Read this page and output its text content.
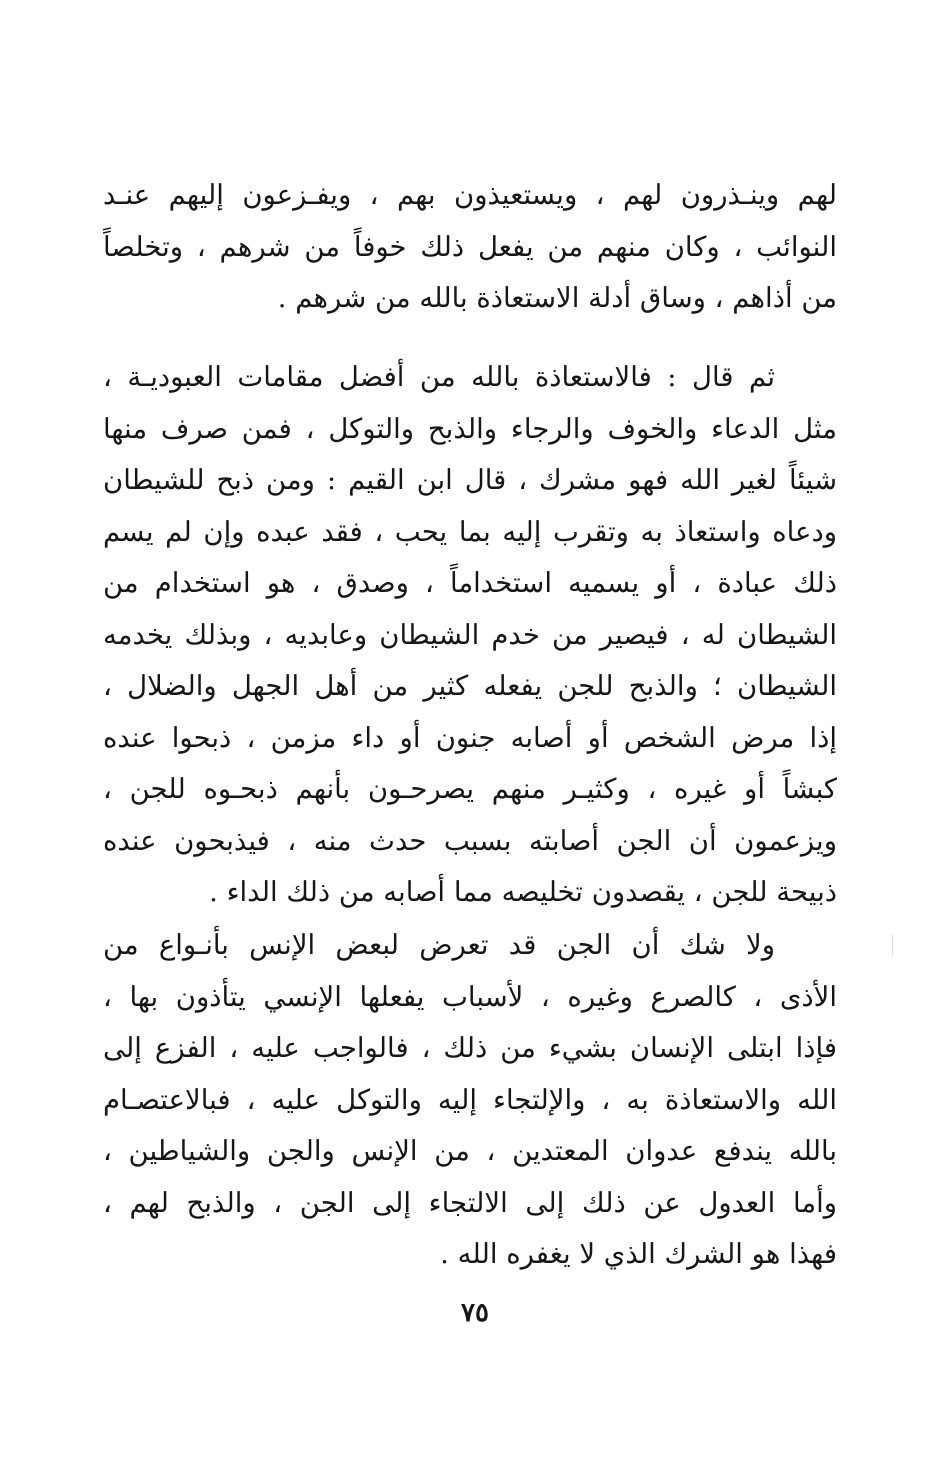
لهم وينـذرون لهم ، ويستعيذون بهم ، ويفـزعون إليهم عنـد
النوائب ، وكان منهم من يفعل ذلك خوفاً من شرهم ، وتخلصاً
من أذاهم ، وساق أدلة الاستعاذة بالله من شرهم .
ثم قال : فالاستعاذة بالله من أفضل مقامات العبوديـة ،
مثل الدعاء والخوف والرجاء والذبح والتوكل ، فمن صرف منها
شيئاً لغير الله فهو مشرك ، قال ابن القيم : ومن ذبح للشيطان
ودعاه واستعاذ به وتقرب إليه بما يحب ، فقد عبده وإن لم يسم
ذلك عبادة ، أو يسميه استخداماً ، وصدق ، هو استخدام من
الشيطان له ، فيصير من خدم الشيطان وعابديه ، وبذلك يخدمه
الشيطان ؛ والذبح للجن يفعله كثير من أهل الجهل والضلال ،
إذا مرض الشخص أو أصابه جنون أو داء مزمن ، ذبحوا عنده
كبشاً أو غيره ، وكثيـر منهم يصرحـون بأنهم ذبحـوه للجن ،
ويزعمون أن الجن أصابته بسبب حدث منه ، فيذبحون عنده
ذبيحة للجن ، يقصدون تخليصه مما أصابه من ذلك الداء .
ولا شك أن الجن قد تعرض لبعض الإنس بأنـواع من
الأذى ، كالصرع وغيره ، لأسباب يفعلها الإنسي يتأذون بها ،
فإذا ابتلى الإنسان بشيء من ذلك ، فالواجب عليه ، الفزع إلى
الله والاستعاذة به ، والإلتجاء إليه والتوكل عليه ، فبالاعتصـام
بالله يندفع عدوان المعتدين ، من الإنس والجن والشياطين ،
وأما العدول عن ذلك إلى الالتجاء إلى الجن ، والذبح لهم ،
فهذا هو الشرك الذي لا يغفره الله .
٧٥
